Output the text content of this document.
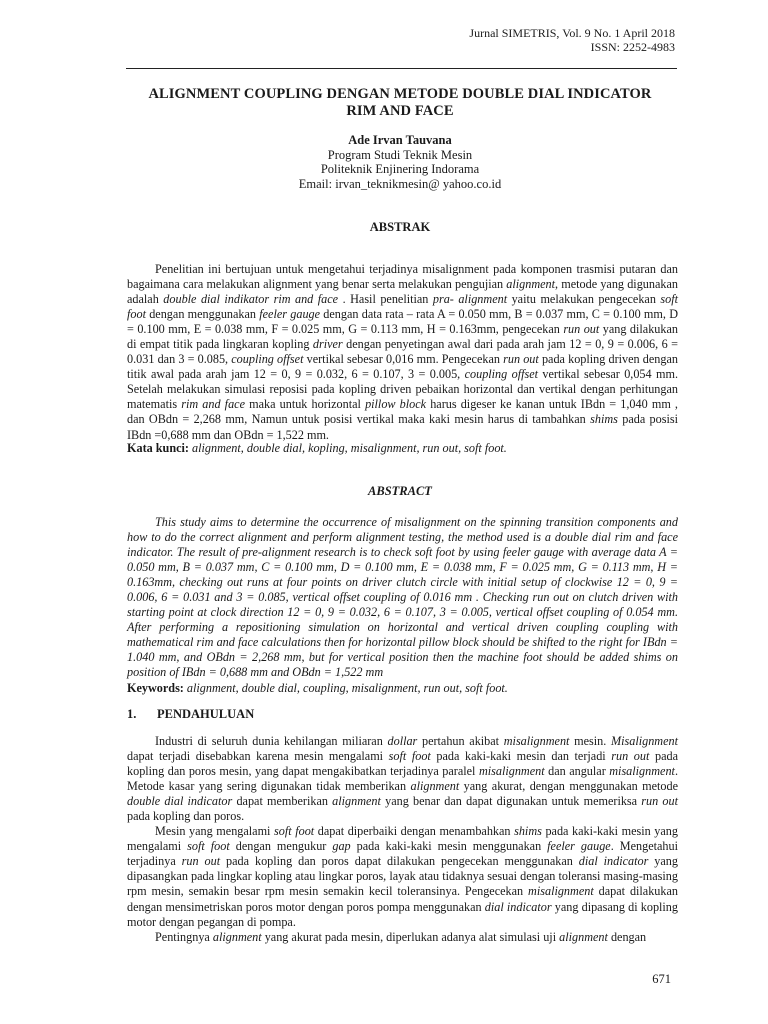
Jurnal SIMETRIS, Vol. 9 No. 1 April 2018
ISSN: 2252-4983
ALIGNMENT COUPLING DENGAN METODE DOUBLE DIAL INDICATOR
RIM AND FACE
Ade Irvan Tauvana
Program Studi Teknik Mesin
Politeknik Enjinering Indorama
Email: irvan_teknikmesin@ yahoo.co.id
ABSTRAK

Penelitian ini bertujuan untuk mengetahui terjadinya misalignment pada komponen trasmisi putaran dan bagaimana cara melakukan alignment yang benar serta melakukan pengujian alignment, metode yang digunakan adalah double dial indikator rim and face . Hasil penelitian pra- alignment yaitu melakukan pengecekan soft foot dengan menggunakan feeler gauge dengan data rata – rata A = 0.050 mm, B = 0.037 mm, C = 0.100 mm, D = 0.100 mm, E = 0.038 mm, F = 0.025 mm, G = 0.113 mm, H = 0.163mm, pengecekan run out yang dilakukan di empat titik pada lingkaran kopling driver dengan penyetingan awal dari pada arah jam 12 = 0, 9 = 0.006, 6 = 0.031 dan 3 = 0.085, coupling offset vertikal sebesar 0,016 mm. Pengecekan run out pada kopling driven dengan titik awal pada arah jam 12 = 0, 9 = 0.032, 6 = 0.107, 3 = 0.005, coupling offset vertikal sebesar 0,054 mm. Setelah melakukan simulasi reposisi pada kopling driven pebaikan horizontal dan vertikal dengan perhitungan matematis rim and face maka untuk horizontal pillow block harus digeser ke kanan untuk IBdn = 1,040 mm , dan OBdn = 2,268 mm, Namun untuk posisi vertikal maka kaki mesin harus di tambahkan shims pada posisi IBdn =0,688 mm dan OBdn = 1,522 mm.

Kata kunci: alignment, double dial, kopling, misalignment, run out, soft foot.
ABSTRACT

This study aims to determine the occurrence of misalignment on the spinning transition components and how to do the correct alignment and perform alignment testing, the method used is a double dial rim and face indicator. The result of pre-alignment research is to check soft foot by using feeler gauge with average data A = 0.050 mm, B = 0.037 mm, C = 0.100 mm, D = 0.100 mm, E = 0.038 mm, F = 0.025 mm, G = 0.113 mm, H = 0.163mm, checking out runs at four points on driver clutch circle with initial setup of clockwise 12 = 0, 9 = 0.006, 6 = 0.031 and 3 = 0.085, vertical offset coupling of 0.016 mm . Checking run out on clutch driven with starting point at clock direction 12 = 0, 9 = 0.032, 6 = 0.107, 3 = 0.005, vertical offset coupling of 0.054 mm. After performing a repositioning simulation on horizontal and vertical driven coupling coupling with mathematical rim and face calculations then for horizontal pillow block should be shifted to the right for IBdn = 1.040 mm, and OBdn = 2,268 mm, but for vertical position then the machine foot should be added shims on position of IBdn = 0,688 mm and OBdn = 1,522 mm

Keywords: alignment, double dial, coupling, misalignment, run out, soft foot.
1. PENDAHULUAN

Industri di seluruh dunia kehilangan miliaran dollar pertahun akibat misalignment mesin. Misalignment dapat terjadi disebabkan karena mesin mengalami soft foot pada kaki-kaki mesin dan terjadi run out pada kopling dan poros mesin, yang dapat mengakibatkan terjadinya paralel misalignment dan angular misalignment. Metode kasar yang sering digunakan tidak memberikan alignment yang akurat, dengan menggunakan metode double dial indicator dapat memberikan alignment yang benar dan dapat digunakan untuk memeriksa run out pada kopling dan poros.

Mesin yang mengalami soft foot dapat diperbaiki dengan menambahkan shims pada kaki-kaki mesin yang mengalami soft foot dengan mengukur gap pada kaki-kaki mesin menggunakan feeler gauge. Mengetahui terjadinya run out pada kopling dan poros dapat dilakukan pengecekan menggunakan dial indicator yang dipasangkan pada lingkar kopling atau lingkar poros, layak atau tidaknya sesuai dengan toleransi masing-masing rpm mesin, semakin besar rpm mesin semakin kecil toleransinya. Pengecekan misalignment dapat dilakukan dengan mensimetriskan poros motor dengan poros pompa menggunakan dial indicator yang dipasang di kopling motor dengan pegangan di pompa.

Pentingnya alignment yang akurat pada mesin, diperlukan adanya alat simulasi uji alignment dengan

671
